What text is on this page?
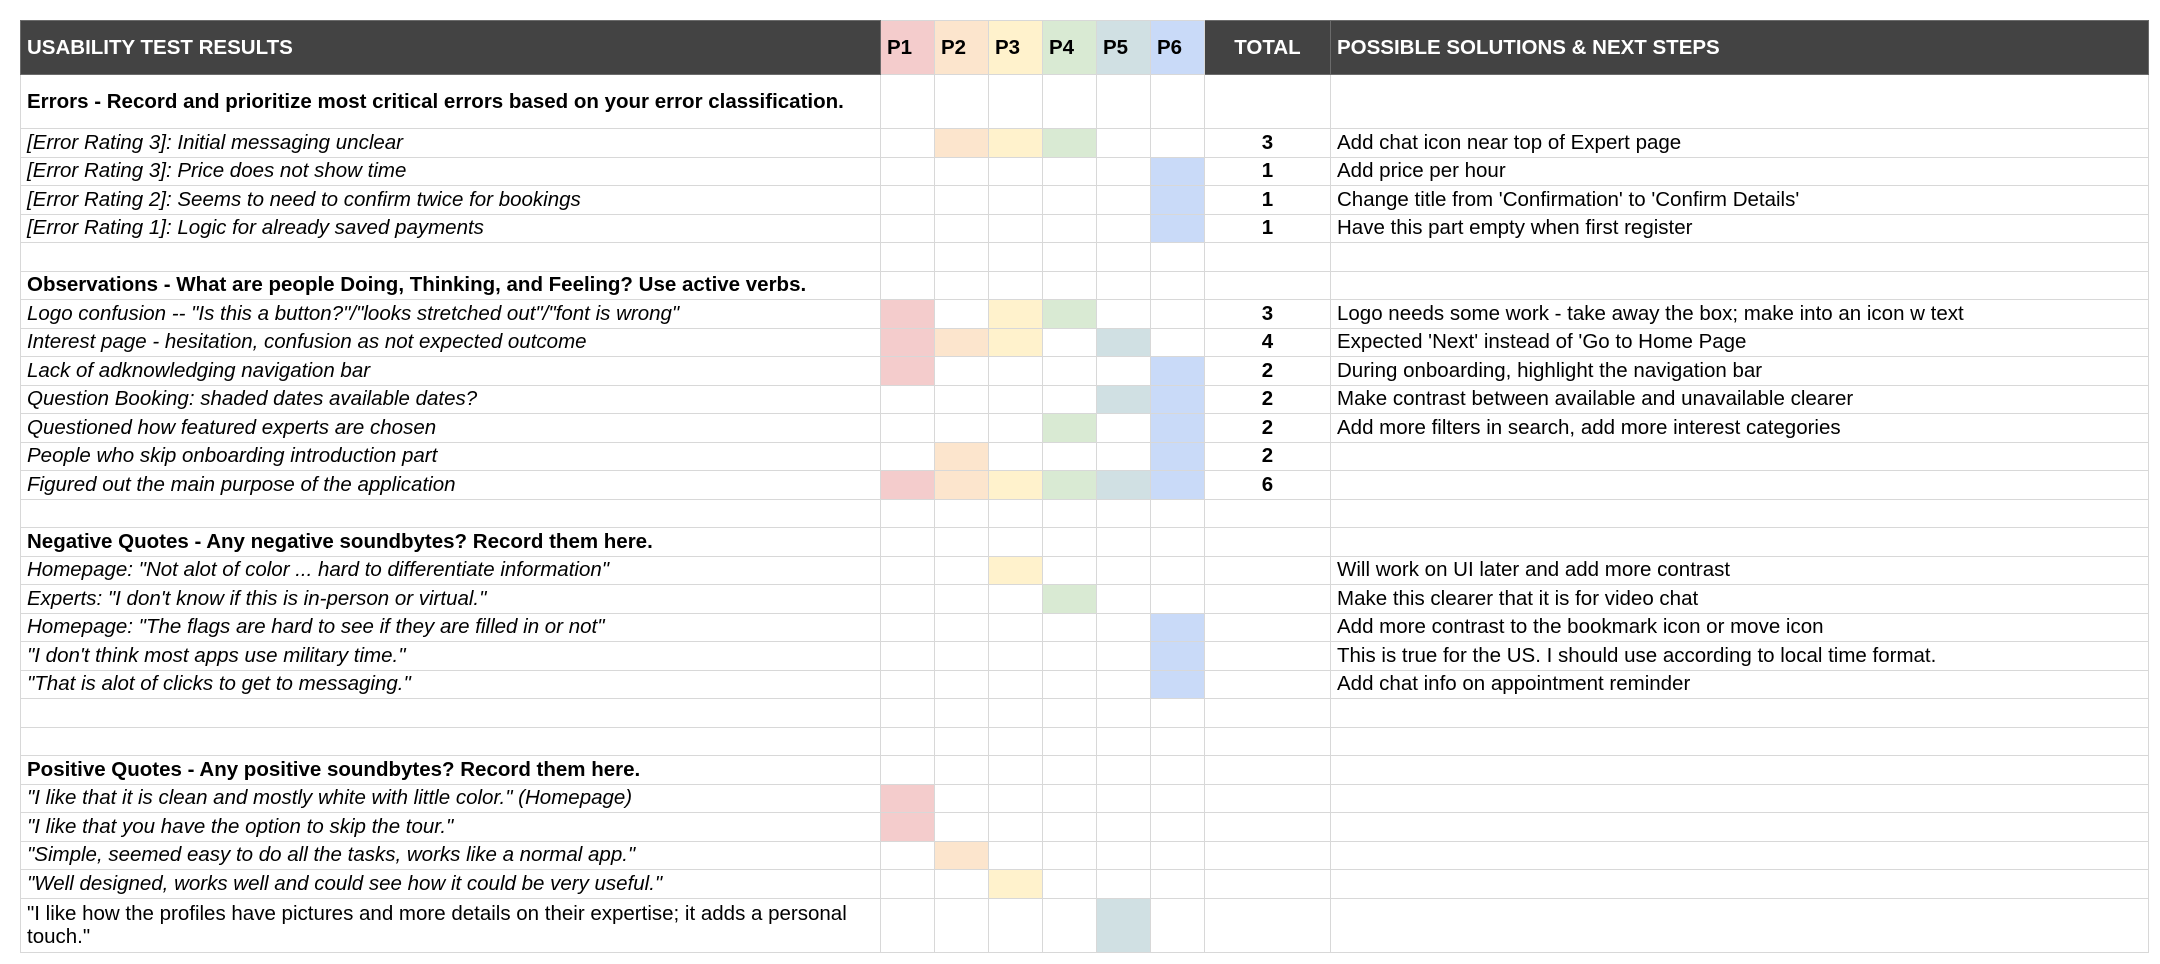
USABILITY TEST RESULTS	P1	P2	P3	P4	P5	P6	TOTAL	POSSIBLE SOLUTIONS & NEXT STEPS
Errors - Record and prioritize most critical errors based on your error classification.								
[Error Rating 3]: Initial messaging unclear							3	Add chat icon near top of Expert page
[Error Rating 3]: Price does not show time							1	Add price per hour
[Error Rating 2]: Seems to need to confirm twice for bookings							1	Change title from 'Confirmation' to 'Confirm Details'
[Error Rating 1]: Logic for already saved payments							1	Have this part empty when first register

Observations - What are people Doing, Thinking, and Feeling? Use active verbs.								
Logo confusion -- "Is this a button?"/"looks stretched out"/"font is wrong"							3	Logo needs some work - take away the box; make into an icon w text
Interest page - hesitation, confusion as not expected outcome							4	Expected 'Next' instead of 'Go to Home Page
Lack of adknowledging navigation bar							2	During onboarding, highlight the navigation bar
Question Booking: shaded dates available dates?							2	Make contrast between available and unavailable clearer
Questioned how featured experts are chosen							2	Add more filters in search, add more interest categories
People who skip onboarding introduction part							2	
Figured out the main purpose of the application							6	

Negative Quotes - Any negative soundbytes? Record them here.								
Homepage: "Not alot of color ... hard to differentiate information"								Will work on UI later and add more contrast
Experts: "I don't know if this is in-person or virtual."								Make this clearer that it is for video chat
Homepage: "The flags are hard to see if they are filled in or not"								Add more contrast to the bookmark icon or move icon
"I don't think most apps use military time."								This is true for the US. I should use according to local time format.
"That is alot of clicks to get to messaging."								Add chat info on appointment reminder

Positive Quotes - Any positive soundbytes? Record them here.								
"I like that it is clean and mostly white with little color." (Homepage)								
"I like that you have the option to skip the tour."								
"Simple, seemed easy to do all the tasks, works like a normal app."								
"Well designed, works well and could see how it could be very useful."								
"I like how the profiles have pictures and more details on their expertise; it adds a personal touch."								
